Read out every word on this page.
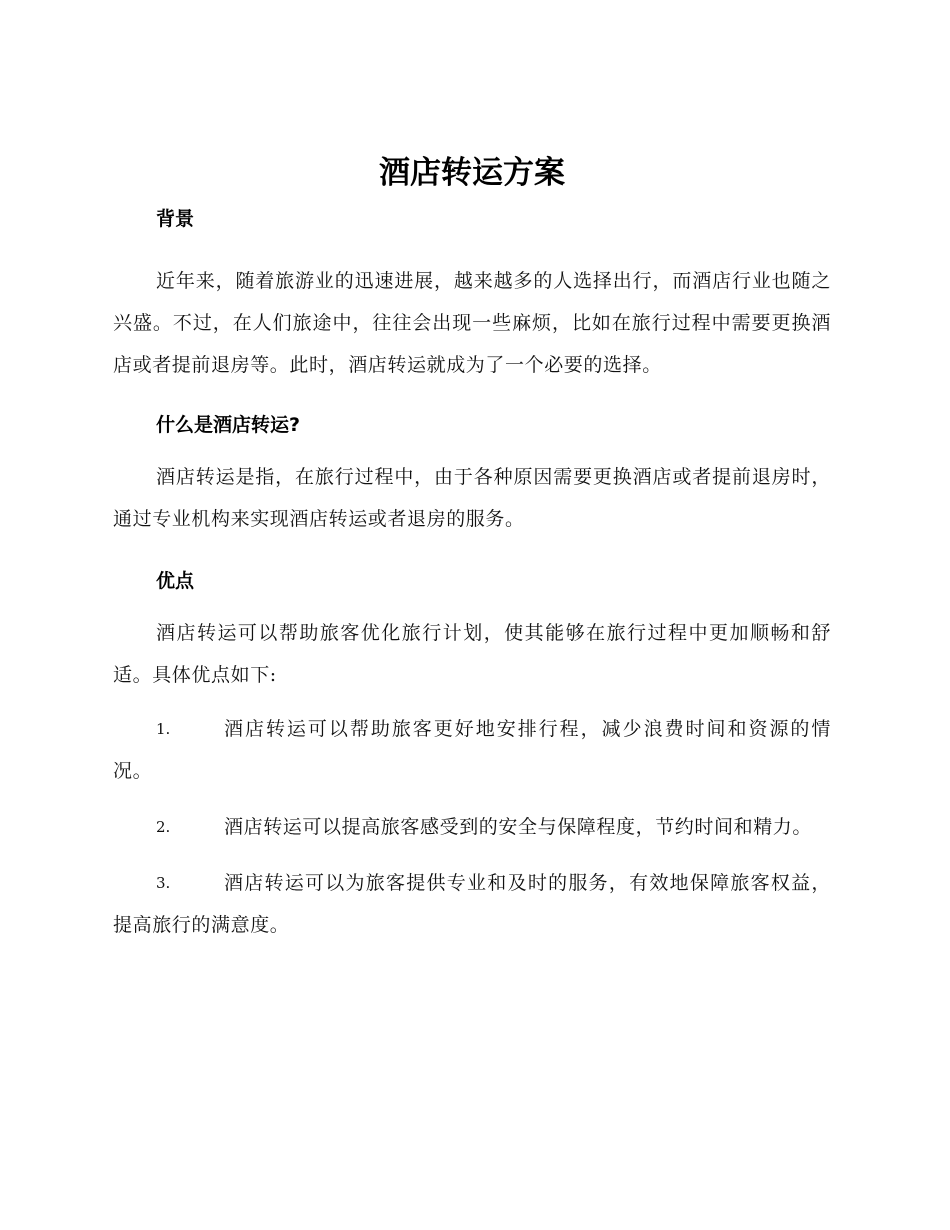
酒店转运方案
背景

近年来，随着旅游业的迅速进展，越来越多的人选择出行，而酒店行业也随之兴盛。不过，在人们旅途中，往往会出现一些麻烦，比如在旅行过程中需要更换酒店或者提前退房等。此时，酒店转运就成为了一个必要的选择。

什么是酒店转运?

酒店转运是指，在旅行过程中，由于各种原因需要更换酒店或者提前退房时，通过专业机构来实现酒店转运或者退房的服务。

优点

酒店转运可以帮助旅客优化旅行计划，使其能够在旅行过程中更加顺畅和舒适。具体优点如下:

1.	酒店转运可以帮助旅客更好地安排行程，减少浪费时间和资源的情况。

2.	酒店转运可以提高旅客感受到的安全与保障程度，节约时间和精力。

3.	酒店转运可以为旅客提供专业和及时的服务，有效地保障旅客权益，提高旅行的满意度。
